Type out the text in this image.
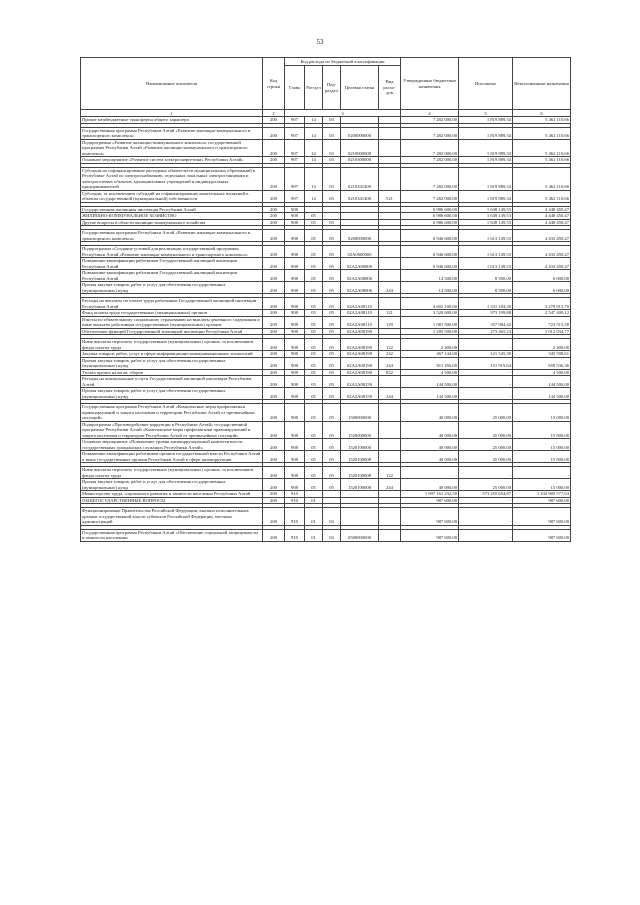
53
Наименование показателя	Код строки	Код расхода по бюджетной классификации					Утвержденные бюджетные назначения	Исполнено	Неисполненные назначения
		Глава	Раз-дел	Под-раздел	Целевая статья	Вид расхо-дов			
1	2	3					4	5	6
Прочие межбюджетные трансферты общего характера	200	907	14	03			7 282 000,00	1 819 889,34	5 462 110,66

Государственная программа Республики Алтай «Развитие жилищно-коммунального и транспортного комплекса»	200	907	14	03	0200000000		7 282 000,00	1 819 889,34	5 462 110,66
Подпрограмма «Развитие жилищно-коммунального комплекса» государственной программы Республики Алтай «Развитие жилищно-коммунального и транспортного комплекса»	200	907	14	03	0210000000		7 282 000,00	1 819 889,34	5 462 110,66
Основное мероприятие «Развитие систем электроэнергетики» Республики Алтай»	200	907	14	03	0210300000		7 282 000,00	1 819 889,34	5 462 110,66

Субсидии на софинансирование расходных обязательств муниципальных образований в Республике Алтай по электроснабжению, отдельных локальных электростанциями и электросетевых объектов, муниципальных учреждений и индивидуальных предпринимателей	200	907	14	03	0210341400		7 282 000,00	1 819 889,34	5 462 110,66
Субсидии, за исключением субсидий на софинансирование капитальных вложений в объекты государственной (муниципальной) собственности	200	907	14	03	0210341400	521	7 282 000,00	1 819 889,34	5 462 110,66

Государственная жилищная инспекция Республики Алтай	200	908					6 986 600,00	1 638 149,53	4 448 450,47
ЖИЛИЩНО-КОММУНАЛЬНОЕ ХОЗЯЙСТВО	200	908	05				6 986 600,00	1 638 149,53	4 448 450,47
Другие вопросы в области жилищно-коммунального хозяйства	200	908	05	05			6 986 600,00	1 638 149,53	4 448 450,47

Государственная программа Республики Алтай «Развитие жилищно-коммунального и транспортного комплекса»	200	908	05	05	0200000000		6 946 600,00	1 613 149,53	4 433 450,47

Подпрограмма «Создание условий для реализации государственной программы Республики Алтай «Развитие жилищно-коммунального и транспортного комплекса»	200	908	05	05	02А0000000		6 946 600,00	1 613 149,53	4 433 450,47
Повышение квалификации работников Государственной жилищной инспекции Республики Алтай	200	908	05	05	02А2А00000		6 946 600,00	1 613 149,53	4 433 450,47
Повышение квалификации работников Государственной жилищной инспекции Республики Алтай	200	908	05	05	02А2А08006		14 500,00	8 500,00	6 000,00
Прочая закупка товаров, работ и услуг для обеспечения государственных (муниципальных) нужд	200	908	05	05	02А2А08006	244	14 500,00	8 500,00	6 000,00

Расходы на выплаты по оплате труда работников Государственной жилищной инспекции Республики Алтай	200	908	05	05	02А2А08110		4 602 100,00	1 331 184,30	3 270 915,70
Фонд оплаты труда государственных (муниципальных) органов	200	908	05	05	02А2А08110	121	3 520 600,00	973 199,88	2 547 400,12
Взносы по обязательному социальному страхованию на выплаты денежного содержания и иные выплаты работникам государственных (муниципальных) органов	200	908	05	05	02А2А08110	129	1 081 500,00	357 984,42	723 515,58
Обеспечение функций Государственной жилищной инспекции Республики Алтай	200	908	05	05	02А2А08190		1 285 500,00	273 465,23	1 012 034,77

Иные выплаты персоналу государственных (муниципальных) органов, за исключением фонда оплаты труда	200	908	05	05	02А2А08190	122	2 400,00	-	2 400,00
Закупка товаров, работ, услуг в сфере информационно-коммуникационных технологий	200	908	05	05	02А2А08190	242	467 144,00	121 545,39	345 598,61
Прочая закупка товаров, работ и услуг для обеспечения государственных (муниципальных) нужд	200	908	05	05	02А2А08190	244	811 456,00	151 919,64	659 536,36
Уплата прочих налогов, сборов	200	908	05	05	02А2А08190	852	4 500,00	-	4 500,00
Расходы на коммунальные услуги Государственной жилищной инспекции Республики Алтай	200	908	05	05	02А2А08159		144 500,00	-	144 500,00
Прочая закупка товаров, работ и услуг для обеспечения государственных (муниципальных) нужд	200	908	05	05	02А2А08159	244	144 500,00	-	144 500,00

Государственная программа Республики Алтай «Комплексные меры профилактики правонарушений и защита населения и территории Республики Алтай от чрезвычайных ситуаций»	200	908	05	05	1500000000		40 000,00	25 000,00	15 000,00
Подпрограмма «Противодействие коррупции в Республике Алтай» государственной программы Республики Алтай «Комплексные меры профилактики правонарушений и защита населения и территории Республики Алтай от чрезвычайных ситуаций»	200	908	05	05	1520000000		40 000,00	25 000,00	15 000,00
Основное мероприятие «Повышение уровня антикоррупционной компетентности государственных гражданских служащих Республики Алтай»	200	908	05	05	1520100000		40 000,00	25 000,00	15 000,00
Повышение квалификации работников органов государственной власти Республики Алтай и иных государственных органов Республики Алтай в сфере антикоррупции	200	908	05	05	1520100008		40 000,00	25 000,00	15 000,00

Иные выплаты персоналу государственных (муниципальных) органов, за исключением фонда оплаты труда	200	908	05	05	1520100008	122	-	-	-
Прочая закупка товаров, работ и услуг для обеспечения государственных (муниципальных) нужд	200	908	05	05	1520100008	244	40 000,00	25 000,00	15 000,00
Министерство труда, социального развития и занятости населения Республики Алтай	200	910					1 907 161 232,50	573 255 654,87	1 333 905 577,63
ОБЩЕГОСУДАРСТВЕННЫЕ ВОПРОСЫ	200	910	01				987 600,00	-	987 600,00

Функционирование Правительства Российской Федерации, высших исполнительных органов государственной власти субъектов Российской Федерации, местных администраций	200	910	01	04			987 600,00	-	987 600,00

Государственная программа Республики Алтай «Обеспечение социальной защищенности и занятости населения»	200	910	01	04	0500000000		987 600,00	-	987 600,00
